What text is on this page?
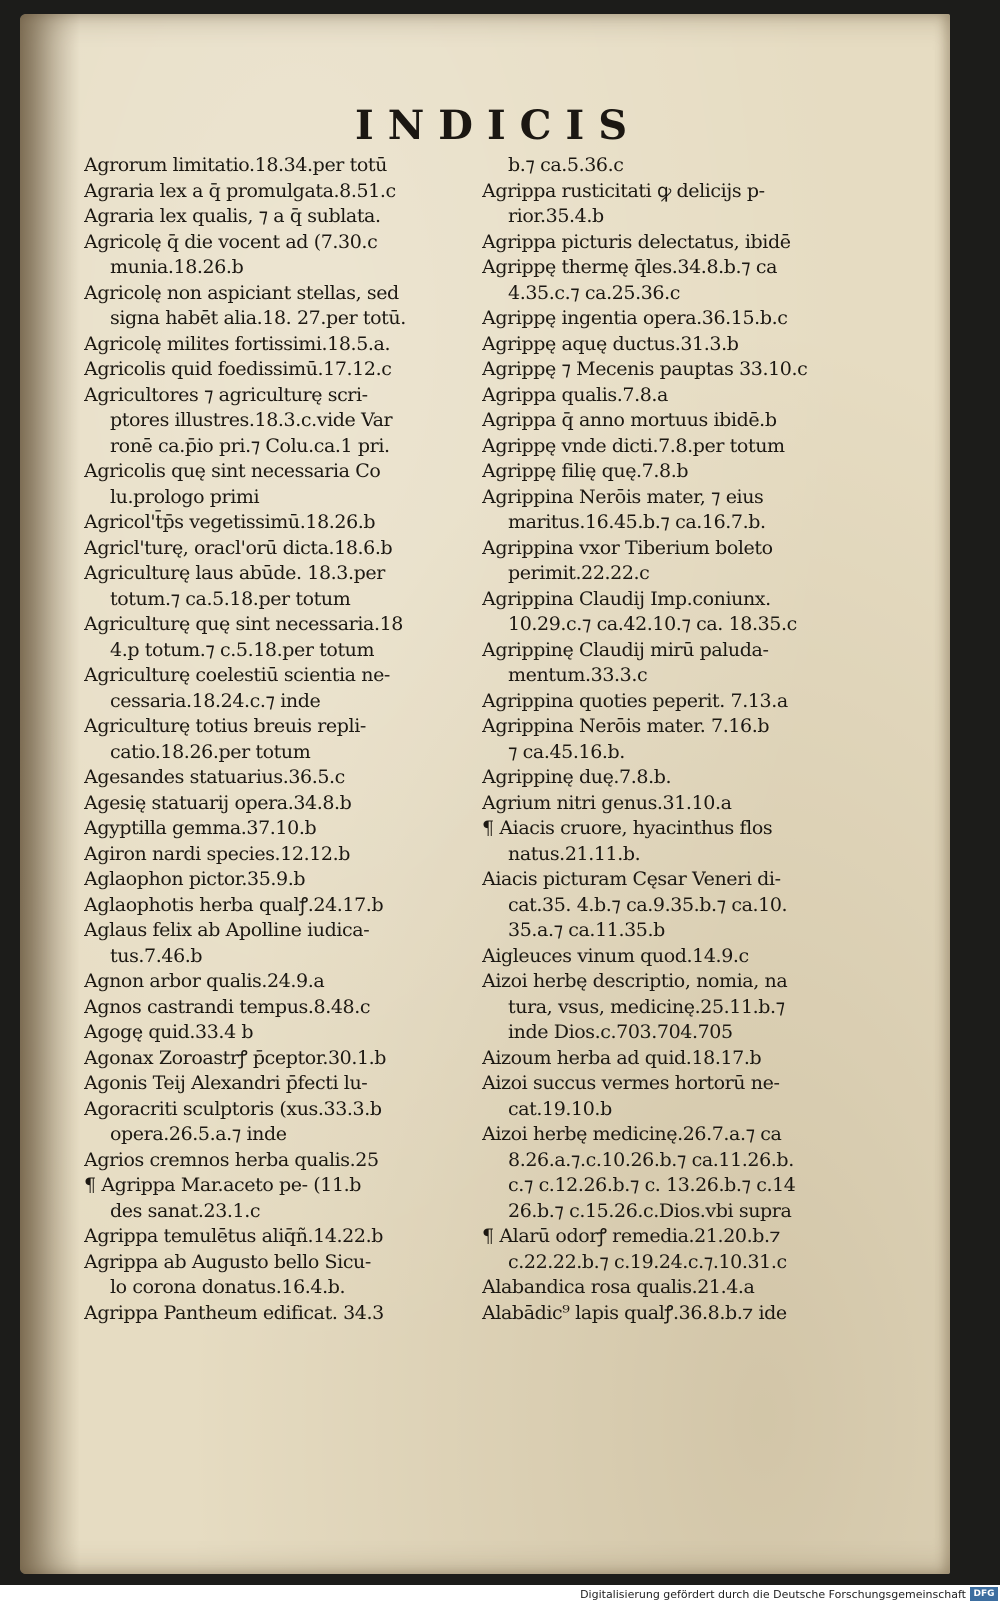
INDICIS
Agrorum limitatio.18.34.per totū
Agraria lex a q̄ promulgata.8.51.c
Agraria lex qualis, ⁊ a q̄ sublata.
Agricolę q̄ die vocent ad (7.30.c
munia.18.26.b
Agricolę non aspiciant stellas, sed
signa habēt alia.18. 27.per totū.
Agricolę milites fortissimi.18.5.a.
Agricolis quid foedissimū.17.12.c
Agricultores ⁊ agriculturę scri-
ptores illustres.18.3.c.vide Var
ronē ca.p̄io pri.⁊ Colu.ca.1 pri.
Agricolis quę sint necessaria Co
lu.prologo primi
Agricol't̄p̄s vegetissimū.18.26.b
Agricl'turę, oracl'orū dicta.18.6.b
Agriculturę laus abūde. 18.3.per
totum.⁊ ca.5.18.per totum
Agriculturę quę sint necessaria.18
4.p totum.⁊ c.5.18.per totum
Agriculturę coelestiū scientia ne-
cessaria.18.24.c.⁊ inde
Agriculturę totius breuis repli-
catio.18.26.per totum
Agesandes statuarius.36.5.c
Agesię statuarij opera.34.8.b
Agyptilla gemma.37.10.b
Agiron nardi species.12.12.b
Aglaophon pictor.35.9.b
Aglaophotis herba qualꝭ.24.17.b
Aglaus felix ab Apolline iudica-
tus.7.46.b
Agnon arbor qualis.24.9.a
Agnos castrandi tempus.8.48.c
Agogę quid.33.4 b
Agonax Zoroastrꝭ p̄ceptor.30.1.b
Agonis Teij Alexandri p̄fecti lu-
Agoracriti sculptoris (xus.33.3.b
opera.26.5.a.⁊ inde
Agrios cremnos herba qualis.25
¶ Agrippa Mar.aceto pe- (11.b
des sanat.23.1.c
Agrippa temulētus aliq̄ñ.14.22.b
Agrippa ab Augusto bello Sicu-
lo corona donatus.16.4.b.
Agrippa Pantheum edificat. 34.3
b.⁊ ca.5.36.c
Agrippa rusticitati ꝙ delicijs p-
rior.35.4.b
Agrippa picturis delectatus, ibidē
Agrippę thermę q̄les.34.8.b.⁊ ca
4.35.c.⁊ ca.25.36.c
Agrippę ingentia opera.36.15.b.c
Agrippę aquę ductus.31.3.b
Agrippę ⁊ Mecenis pauptas 33.10.c
Agrippa qualis.7.8.a
Agrippa q̄ anno mortuus ibidē.b
Agrippę vnde dicti.7.8.per totum
Agrippę filię quę.7.8.b
Agrippina Nerōis mater, ⁊ eius
maritus.16.45.b.⁊ ca.16.7.b.
Agrippina vxor Tiberium boleto
perimit.22.22.c
Agrippina Claudij Imp.coniunx.
10.29.c.⁊ ca.42.10.⁊ ca. 18.35.c
Agrippinę Claudij mirū paluda-
mentum.33.3.c
Agrippina quoties peperit. 7.13.a
Agrippina Nerōis mater. 7.16.b
⁊ ca.45.16.b.
Agrippinę duę.7.8.b.
Agrium nitri genus.31.10.a
¶ Aiacis cruore, hyacinthus flos
natus.21.11.b.
Aiacis picturam Cęsar Veneri di-
cat.35. 4.b.⁊ ca.9.35.b.⁊ ca.10.
35.a.⁊ ca.11.35.b
Aigleuces vinum quod.14.9.c
Aizoi herbę descriptio, nomia, na
tura, vsus, medicinę.25.11.b.⁊
inde Dios.c.703.704.705
Aizoum herba ad quid.18.17.b
Aizoi succus vermes hortorū ne-
cat.19.10.b
Aizoi herbę medicinę.26.7.a.⁊ ca
8.26.a.⁊.c.10.26.b.⁊ ca.11.26.b.
c.⁊ c.12.26.b.⁊ c. 13.26.b.⁊ c.14
26.b.⁊ c.15.26.c.Dios.vbi supra
¶ Alarū odorꝭ remedia.21.20.b.⁊
c.22.22.b.⁊ c.19.24.c.⁊.10.31.c
Alabandica rosa qualis.21.4.a
Alabādic⁹ lapis qualꝭ.36.8.b.⁊ ide
Digitalisierung gefördert durch die Deutsche Forschungsgemeinschaft DFG
